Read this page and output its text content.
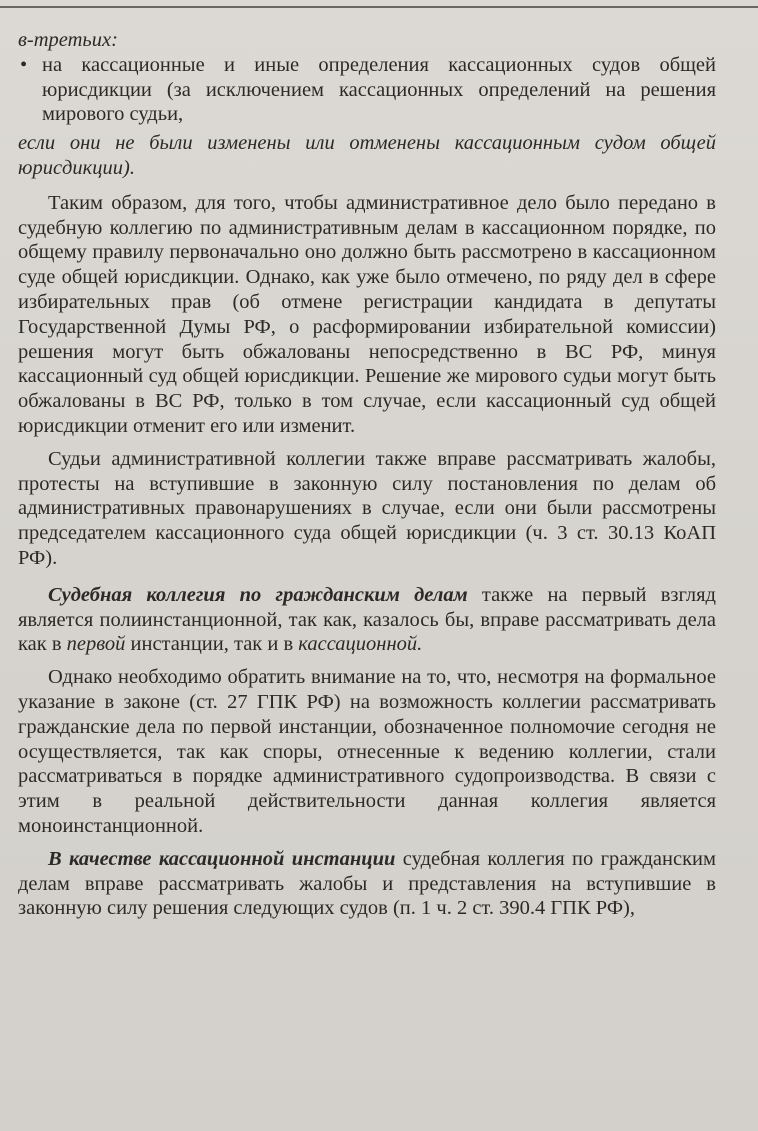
в-третьих:

• на кассационные и иные определения кассационных судов общей юрисдикции (за исключением кассационных определений на решения мирового судьи,

если они не были изменены или отменены кассационным судом общей юрисдикции).

Таким образом, для того, чтобы административное дело было передано в судебную коллегию по административным делам в кассационном порядке, по общему правилу первоначально оно должно быть рассмотрено в кассационном суде общей юрисдикции. Однако, как уже было отмечено, по ряду дел в сфере избирательных прав (об отмене регистрации кандидата в депутаты Государственной Думы РФ, о расформировании избирательной комиссии) решения могут быть обжалованы непосредственно в ВС РФ, минуя кассационный суд общей юрисдикции. Решение же мирового судьи могут быть обжалованы в ВС РФ, только в том случае, если кассационный суд общей юрисдикции отменит его или изменит.

Судьи административной коллегии также вправе рассматривать жалобы, протесты на вступившие в законную силу постановления по делам об административных правонарушениях в случае, если они были рассмотрены председателем кассационного суда общей юрисдикции (ч. 3 ст. 30.13 КоАП РФ).

Судебная коллегия по гражданским делам также на первый взгляд является полиинстанционной, так как, казалось бы, вправе рассматривать дела как в первой инстанции, так и в кассационной.

Однако необходимо обратить внимание на то, что, несмотря на формальное указание в законе (ст. 27 ГПК РФ) на возможность коллегии рассматривать гражданские дела по первой инстанции, обозначенное полномочие сегодня не осуществляется, так как споры, отнесенные к ведению коллегии, стали рассматриваться в порядке административного судопроизводства. В связи с этим в реальной действительности данная коллегия является моноинстанционной.

В качестве кассационной инстанции судебная коллегия по гражданским делам вправе рассматривать жалобы и представления на вступившие в законную силу решения следующих судов (п. 1 ч. 2 ст. 390.4 ГПК РФ),
